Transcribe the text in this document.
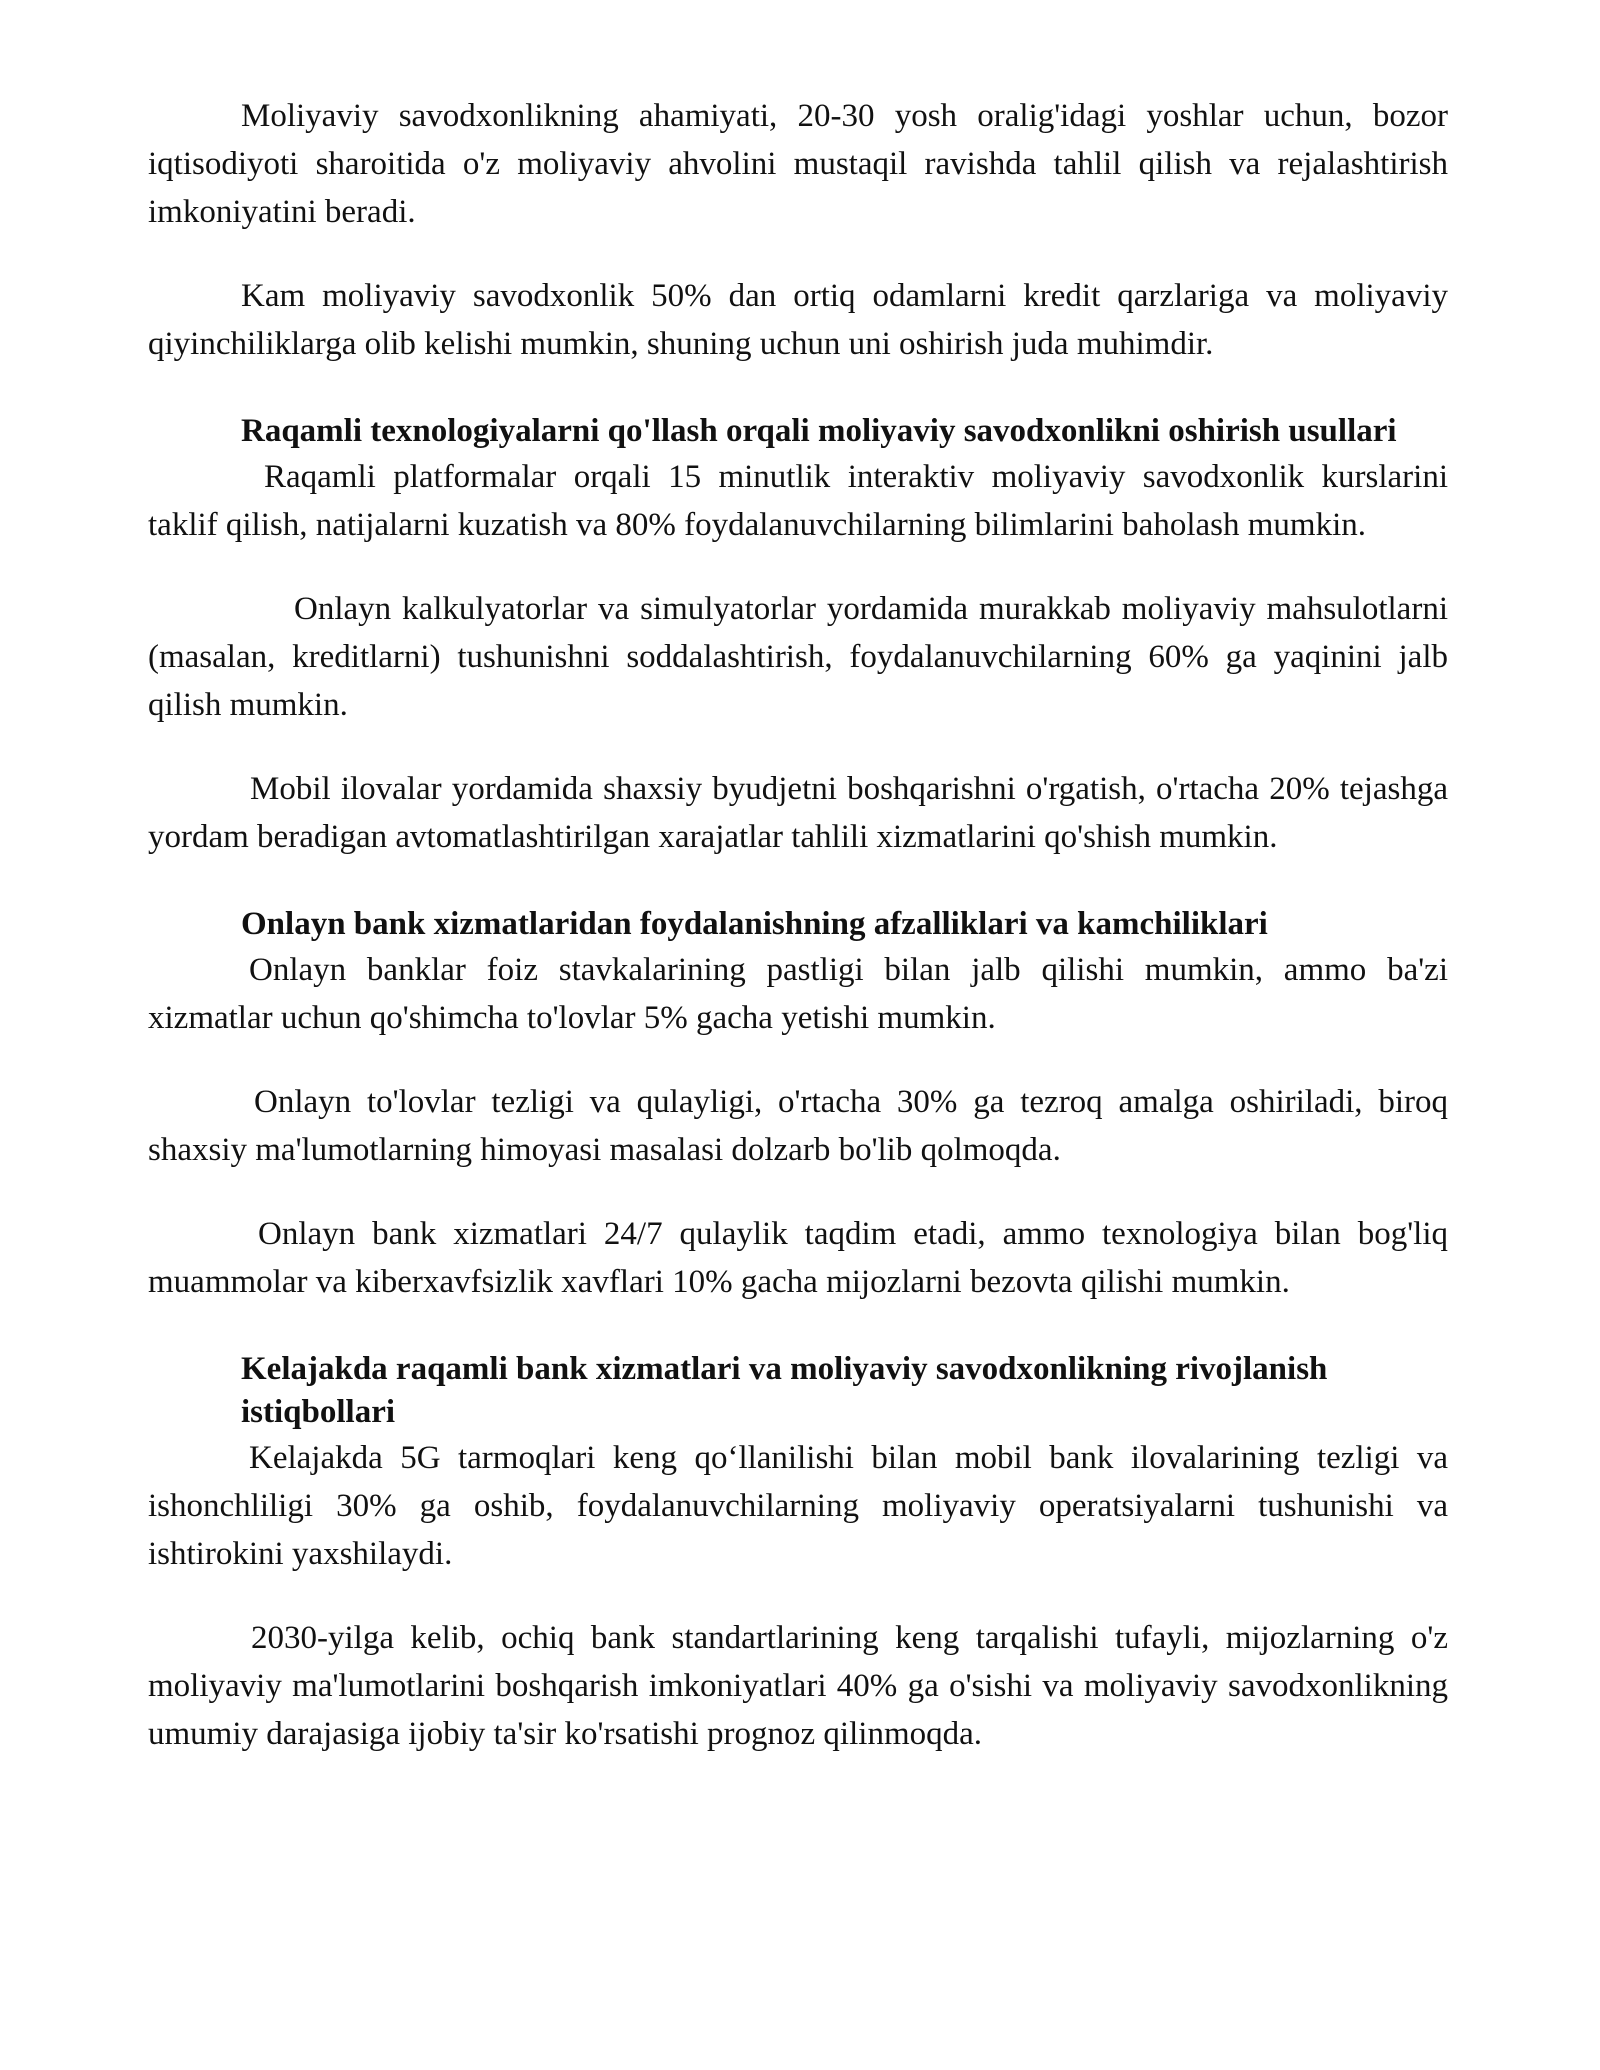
Moliyaviy savodxonlikning ahamiyati, 20-30 yosh oralig'idagi yoshlar uchun, bozor iqtisodiyoti sharoitida o'z moliyaviy ahvolini mustaqil ravishda tahlil qilish va rejalashtirish imkoniyatini beradi.

Kam moliyaviy savodxonlik 50% dan ortiq odamlarni kredit qarzlariga va moliyaviy qiyinchiliklarga olib kelishi mumkin, shuning uchun uni oshirish juda muhimdir.

Raqamli texnologiyalarni qo'llash orqali moliyaviy savodxonlikni oshirish usullari

Raqamli platformalar orqali 15 minutlik interaktiv moliyaviy savodxonlik kurslarini taklif qilish, natijalarni kuzatish va 80% foydalanuvchilarning bilimlarini baholash mumkin.

Onlayn kalkulyatorlar va simulyatorlar yordamida murakkab moliyaviy mahsulotlarni (masalan, kreditlarni) tushunishni soddalashtirish, foydalanuvchilarning 60% ga yaqinini jalb qilish mumkin.

Mobil ilovalar yordamida shaxsiy byudjetni boshqarishni o'rgatish, o'rtacha 20% tejashga yordam beradigan avtomatlashtirilgan xarajatlar tahlili xizmatlarini qo'shish mumkin.

Onlayn bank xizmatlaridan foydalanishning afzalliklari va kamchiliklari

Onlayn banklar foiz stavkalarining pastligi bilan jalb qilishi mumkin, ammo ba'zi xizmatlar uchun qo'shimcha to'lovlar 5% gacha yetishi mumkin.

Onlayn to'lovlar tezligi va qulayligi, o'rtacha 30% ga tezroq amalga oshiriladi, biroq shaxsiy ma'lumotlarning himoyasi masalasi dolzarb bo'lib qolmoqda.

Onlayn bank xizmatlari 24/7 qulaylik taqdim etadi, ammo texnologiya bilan bog'liq muammolar va kiberxavfsizlik xavflari 10% gacha mijozlarni bezovta qilishi mumkin.

Kelajakda raqamli bank xizmatlari va moliyaviy savodxonlikning rivojlanish istiqbollari

Kelajakda 5G tarmoqlari keng qo‘llanilishi bilan mobil bank ilovalarining tezligi va ishonchliligi 30% ga oshib, foydalanuvchilarning moliyaviy operatsiyalarni tushunishi va ishtirokini yaxshilaydi.

2030-yilga kelib, ochiq bank standartlarining keng tarqalishi tufayli, mijozlarning o'z moliyaviy ma'lumotlarini boshqarish imkoniyatlari 40% ga o'sishi va moliyaviy savodxonlikning umumiy darajasiga ijobiy ta'sir ko'rsatishi prognoz qilinmoqda.
